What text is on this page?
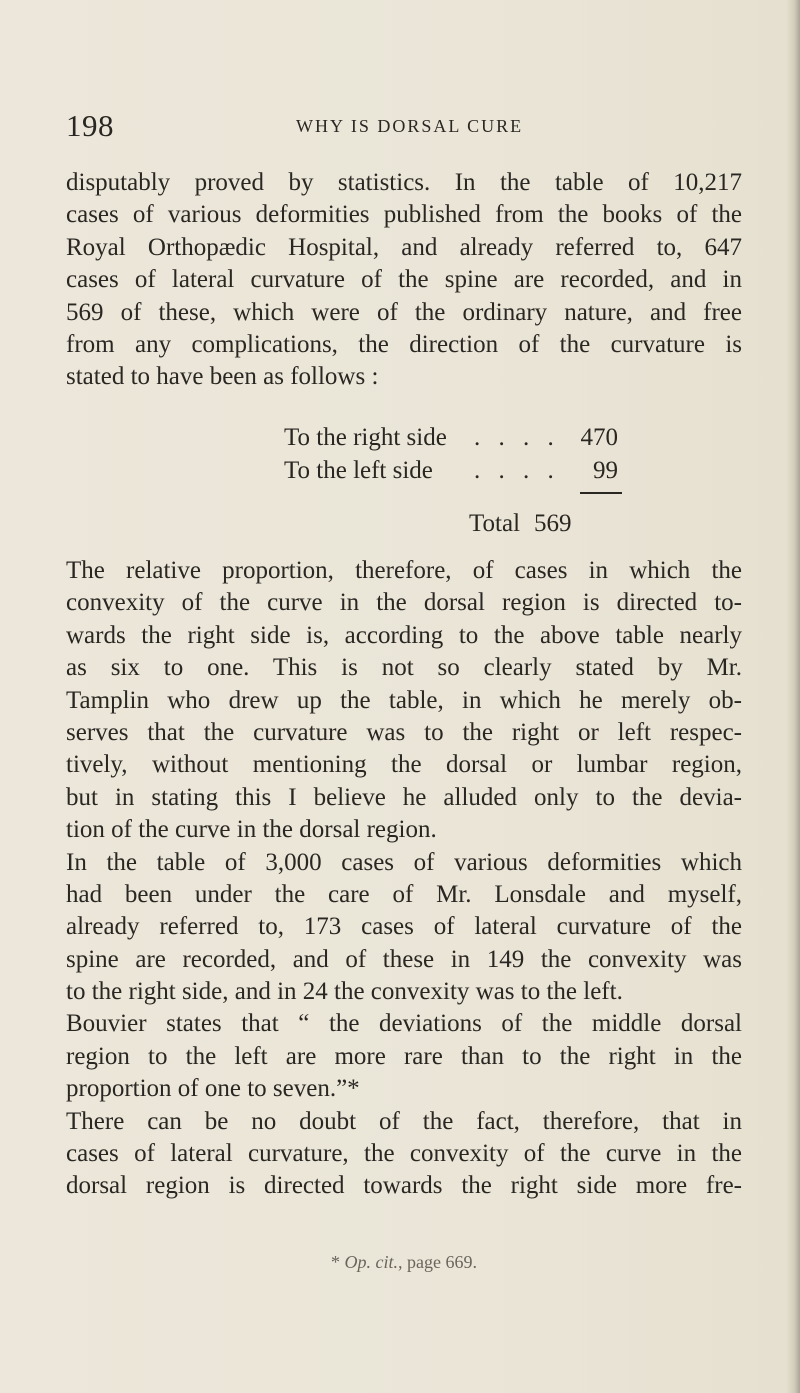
198	WHY IS DORSAL CURE
disputably proved by statistics. In the table of 10,217
cases of various deformities published from the books of the
Royal Orthopædic Hospital, and already referred to, 647
cases of lateral curvature of the spine are recorded, and in
569 of these, which were of the ordinary nature, and free
from any complications, the direction of the curvature is
stated to have been as follows :
To the right side . . . . 470
To the left side . . . . 99
Total 569
The relative proportion, therefore, of cases in which the
convexity of the curve in the dorsal region is directed to-
wards the right side is, according to the above table nearly
as six to one. This is not so clearly stated by Mr.
Tamplin who drew up the table, in which he merely ob-
serves that the curvature was to the right or left respec-
tively, without mentioning the dorsal or lumbar region,
but in stating this I believe he alluded only to the devia-
tion of the curve in the dorsal region.
In the table of 3,000 cases of various deformities which
had been under the care of Mr. Lonsdale and myself,
already referred to, 173 cases of lateral curvature of the
spine are recorded, and of these in 149 the convexity was
to the right side, and in 24 the convexity was to the left.
Bouvier states that “ the deviations of the middle dorsal
region to the left are more rare than to the right in the
proportion of one to seven.”*
There can be no doubt of the fact, therefore, that in
cases of lateral curvature, the convexity of the curve in the
dorsal region is directed towards the right side more fre-
* Op. cit., page 669.
